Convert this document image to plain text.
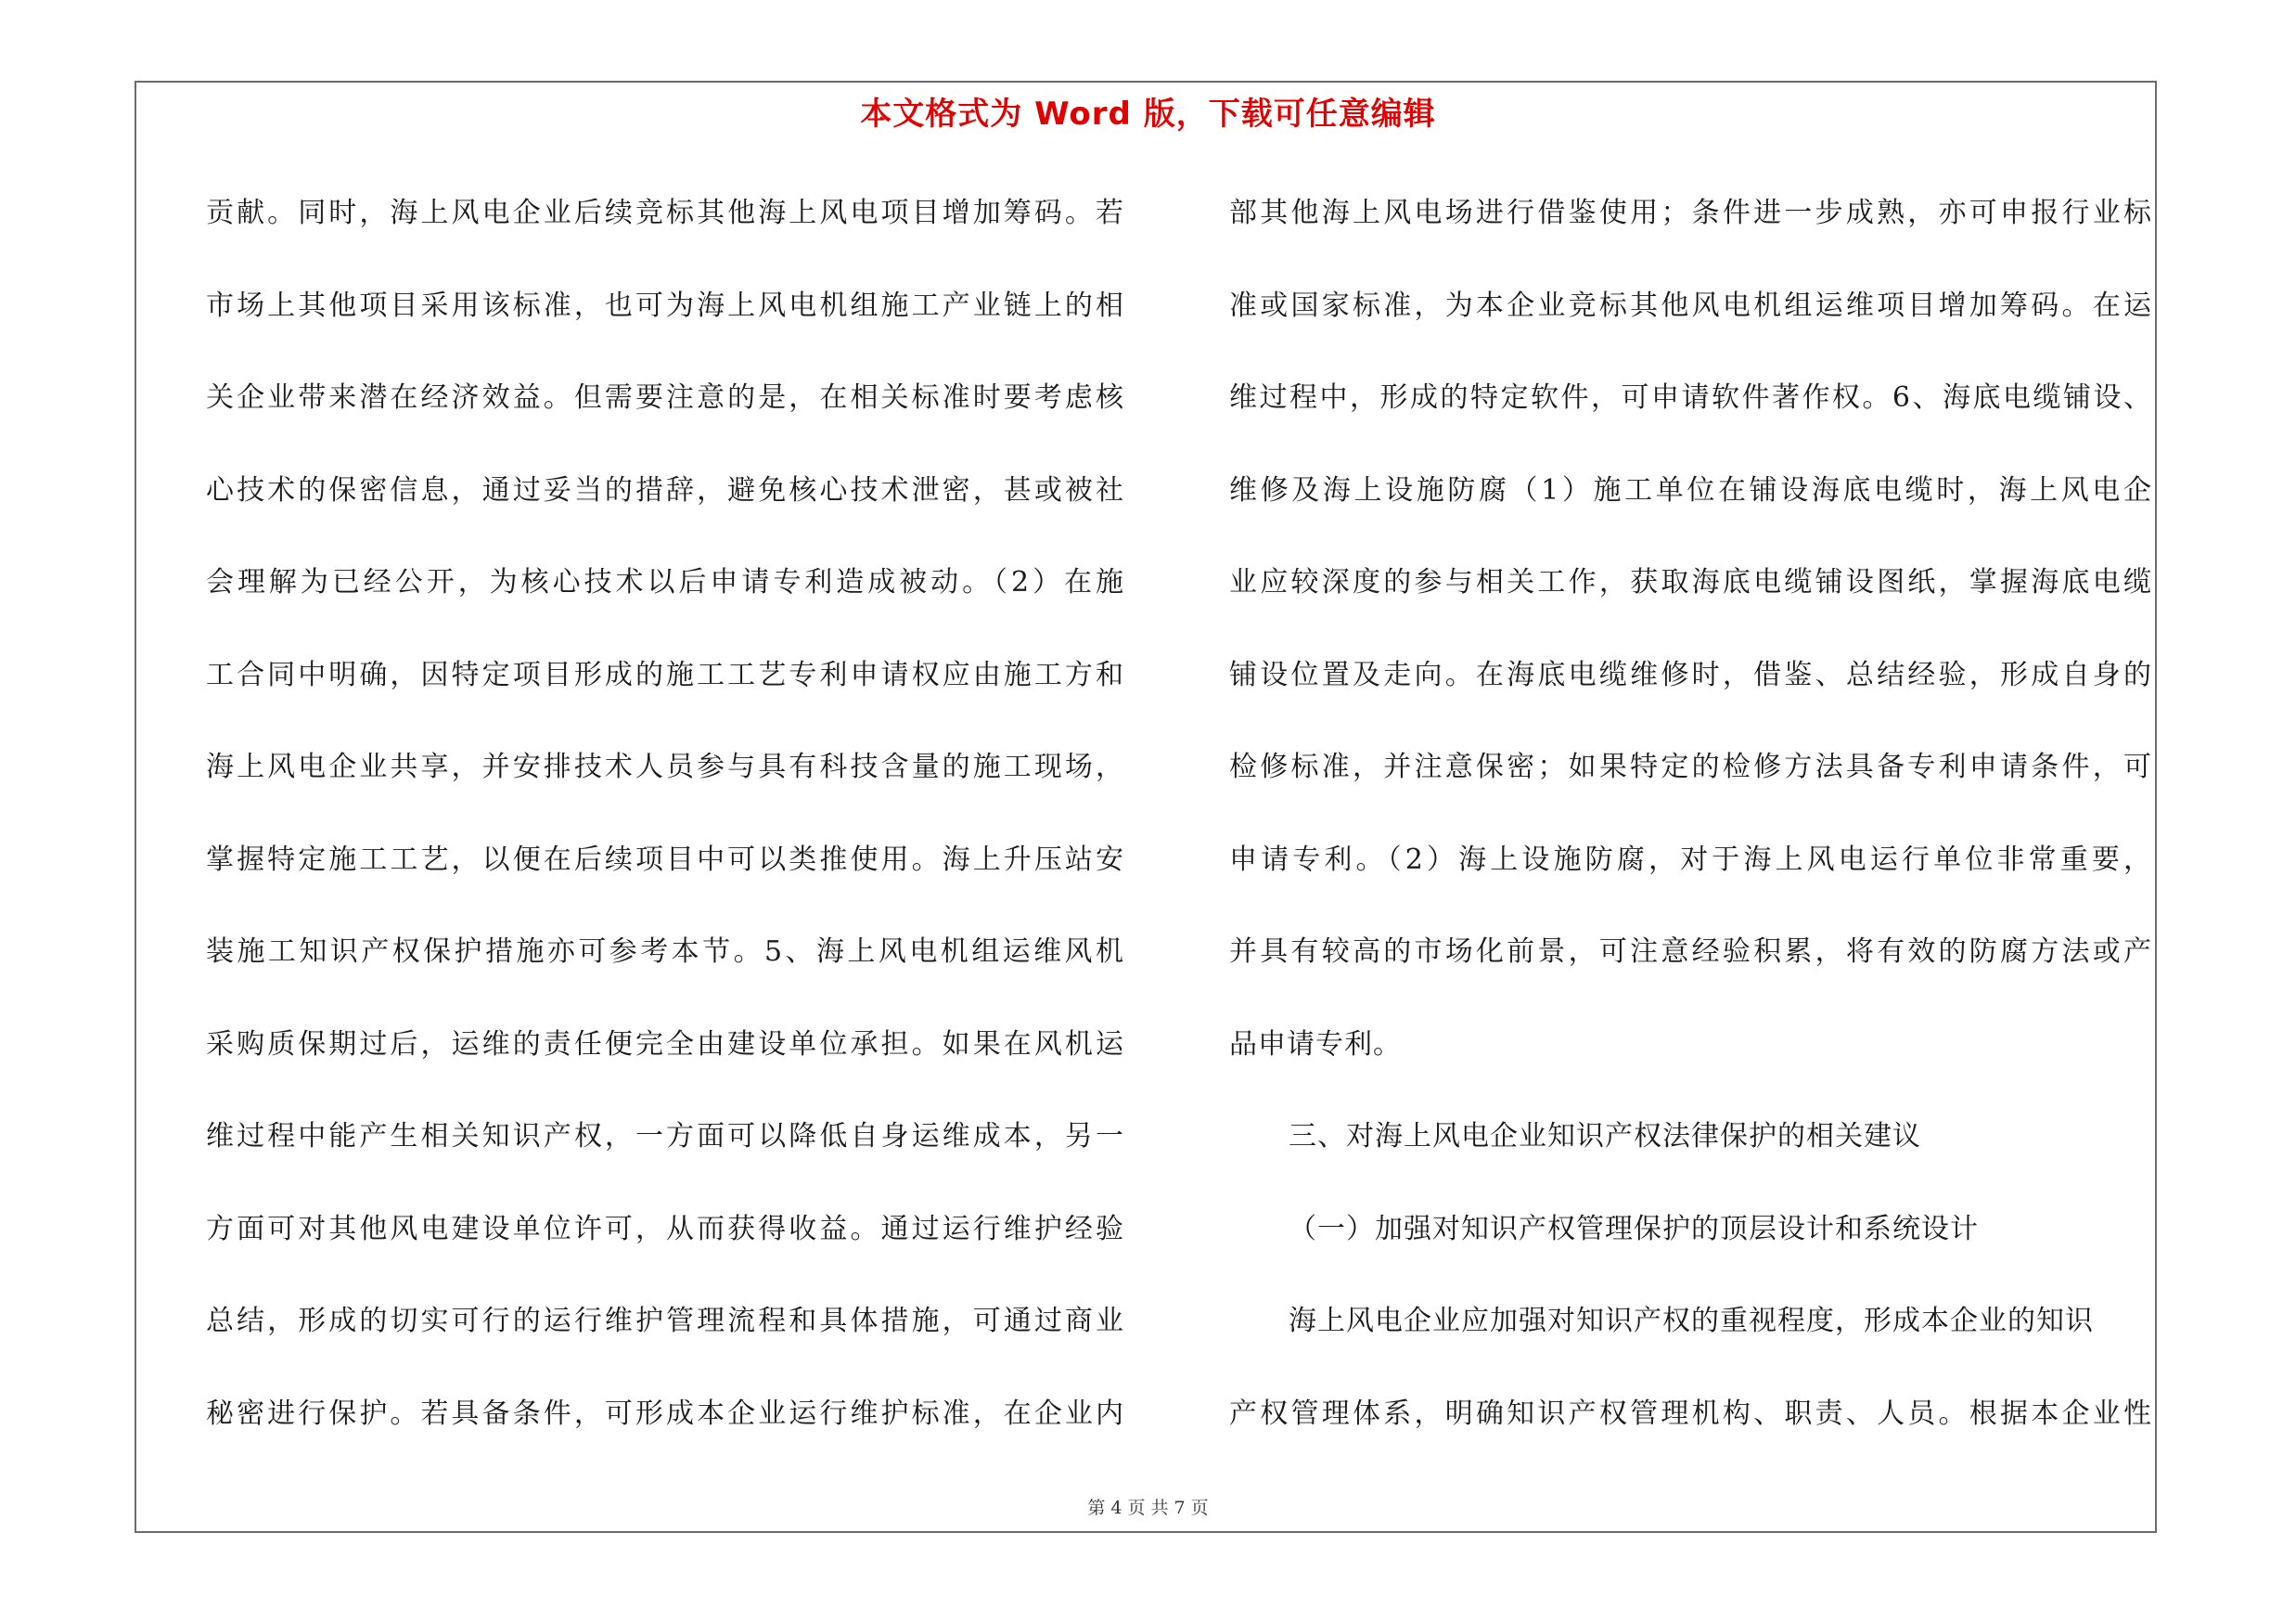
本文格式为 Word 版，下载可任意编辑
贡献。同时，海上风电企业后续竞标其他海上风电项目增加筹码。若
市场上其他项目采用该标准，也可为海上风电机组施工产业链上的相
关企业带来潜在经济效益。但需要注意的是，在相关标准时要考虑核
心技术的保密信息，通过妥当的措辞，避免核心技术泄密，甚或被社
会理解为已经公开，为核心技术以后申请专利造成被动。（2）在施
工合同中明确，因特定项目形成的施工工艺专利申请权应由施工方和
海上风电企业共享，并安排技术人员参与具有科技含量的施工现场，
掌握特定施工工艺，以便在后续项目中可以类推使用。海上升压站安
装施工知识产权保护措施亦可参考本节。5、海上风电机组运维风机
采购质保期过后，运维的责任便完全由建设单位承担。如果在风机运
维过程中能产生相关知识产权，一方面可以降低自身运维成本，另一
方面可对其他风电建设单位许可，从而获得收益。通过运行维护经验
总结，形成的切实可行的运行维护管理流程和具体措施，可通过商业
秘密进行保护。若具备条件，可形成本企业运行维护标准，在企业内
部其他海上风电场进行借鉴使用；条件进一步成熟，亦可申报行业标
准或国家标准，为本企业竞标其他风电机组运维项目增加筹码。在运
维过程中，形成的特定软件，可申请软件著作权。6、海底电缆铺设、
维修及海上设施防腐（1）施工单位在铺设海底电缆时，海上风电企
业应较深度的参与相关工作，获取海底电缆铺设图纸，掌握海底电缆
铺设位置及走向。在海底电缆维修时，借鉴、总结经验，形成自身的
检修标准，并注意保密；如果特定的检修方法具备专利申请条件，可
申请专利。（2）海上设施防腐，对于海上风电运行单位非常重要，
并具有较高的市场化前景，可注意经验积累，将有效的防腐方法或产
品申请专利。
三、对海上风电企业知识产权法律保护的相关建议
（一）加强对知识产权管理保护的顶层设计和系统设计
海上风电企业应加强对知识产权的重视程度，形成本企业的知识
产权管理体系，明确知识产权管理机构、职责、人员。根据本企业性
第 4 页 共 7 页
